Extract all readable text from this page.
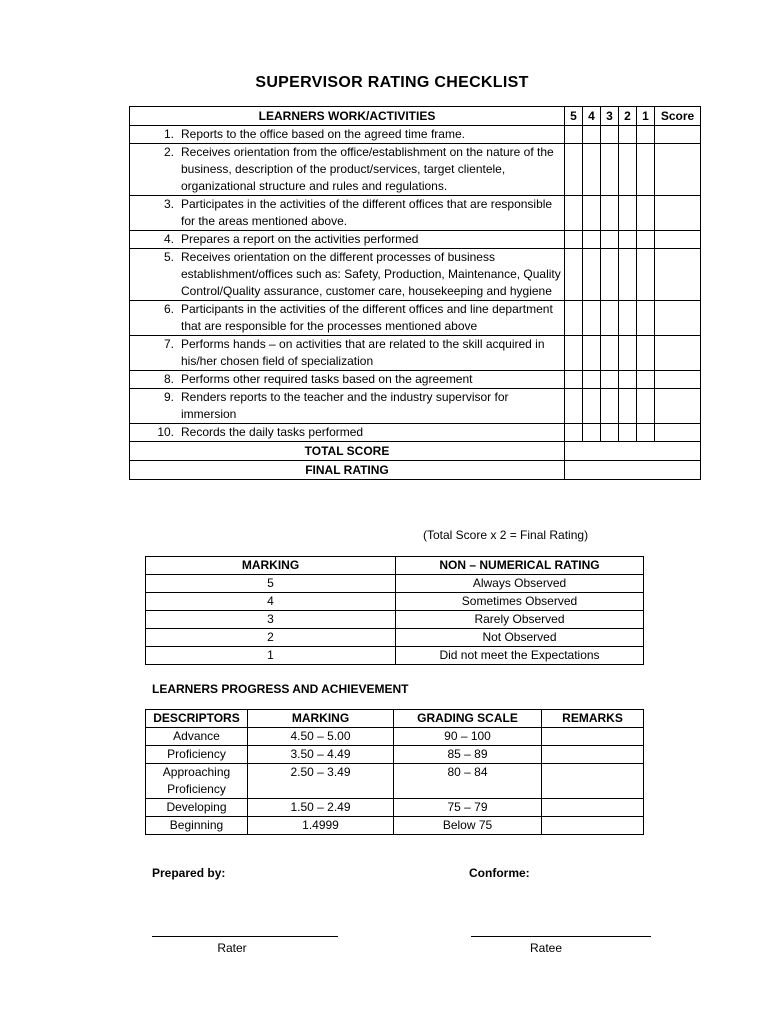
SUPERVISOR RATING CHECKLIST
LEARNERS WORK/ACTIVITIES	5	4	3	2	1	Score

1. Reports to the office based on the agreed time frame.						

2. Receives orientation from the office/establishment on the nature of the business, description of the product/services, target clientele, organizational structure and rules and regulations.						

3. Participates in the activities of the different offices that are responsible for the areas mentioned above.						

4. Prepares a report on the activities performed						

5. Receives orientation on the different processes of business establishment/offices such as: Safety, Production, Maintenance, Quality Control/Quality assurance, customer care, housekeeping and hygiene						

6. Participants in the activities of the different offices and line department that are responsible for the processes mentioned above						

7. Performs hands – on activities that are related to the skill acquired in his/her chosen field of specialization						

8. Performs other required tasks based on the agreement						

9. Renders reports to the teacher and the industry supervisor for immersion						

10. Records the daily tasks performed						

TOTAL SCORE						
FINAL RATING						
(Total Score x 2 = Final Rating)
MARKING	NON – NUMERICAL RATING
5	Always Observed
4	Sometimes Observed
3	Rarely Observed
2	Not Observed
1	Did not meet the Expectations
LEARNERS PROGRESS AND ACHIEVEMENT
DESCRIPTORS	MARKING	GRADING SCALE	REMARKS
Advance	4.50 – 5.00	90 – 100	
Proficiency	3.50 – 4.49	85 – 89	
Approaching Proficiency	2.50 – 3.49	80 – 84	
Developing	1.50 – 2.49	75 – 79	
Beginning	1.4999	Below 75	
Prepared by:	Conforme:
Rater	Ratee
